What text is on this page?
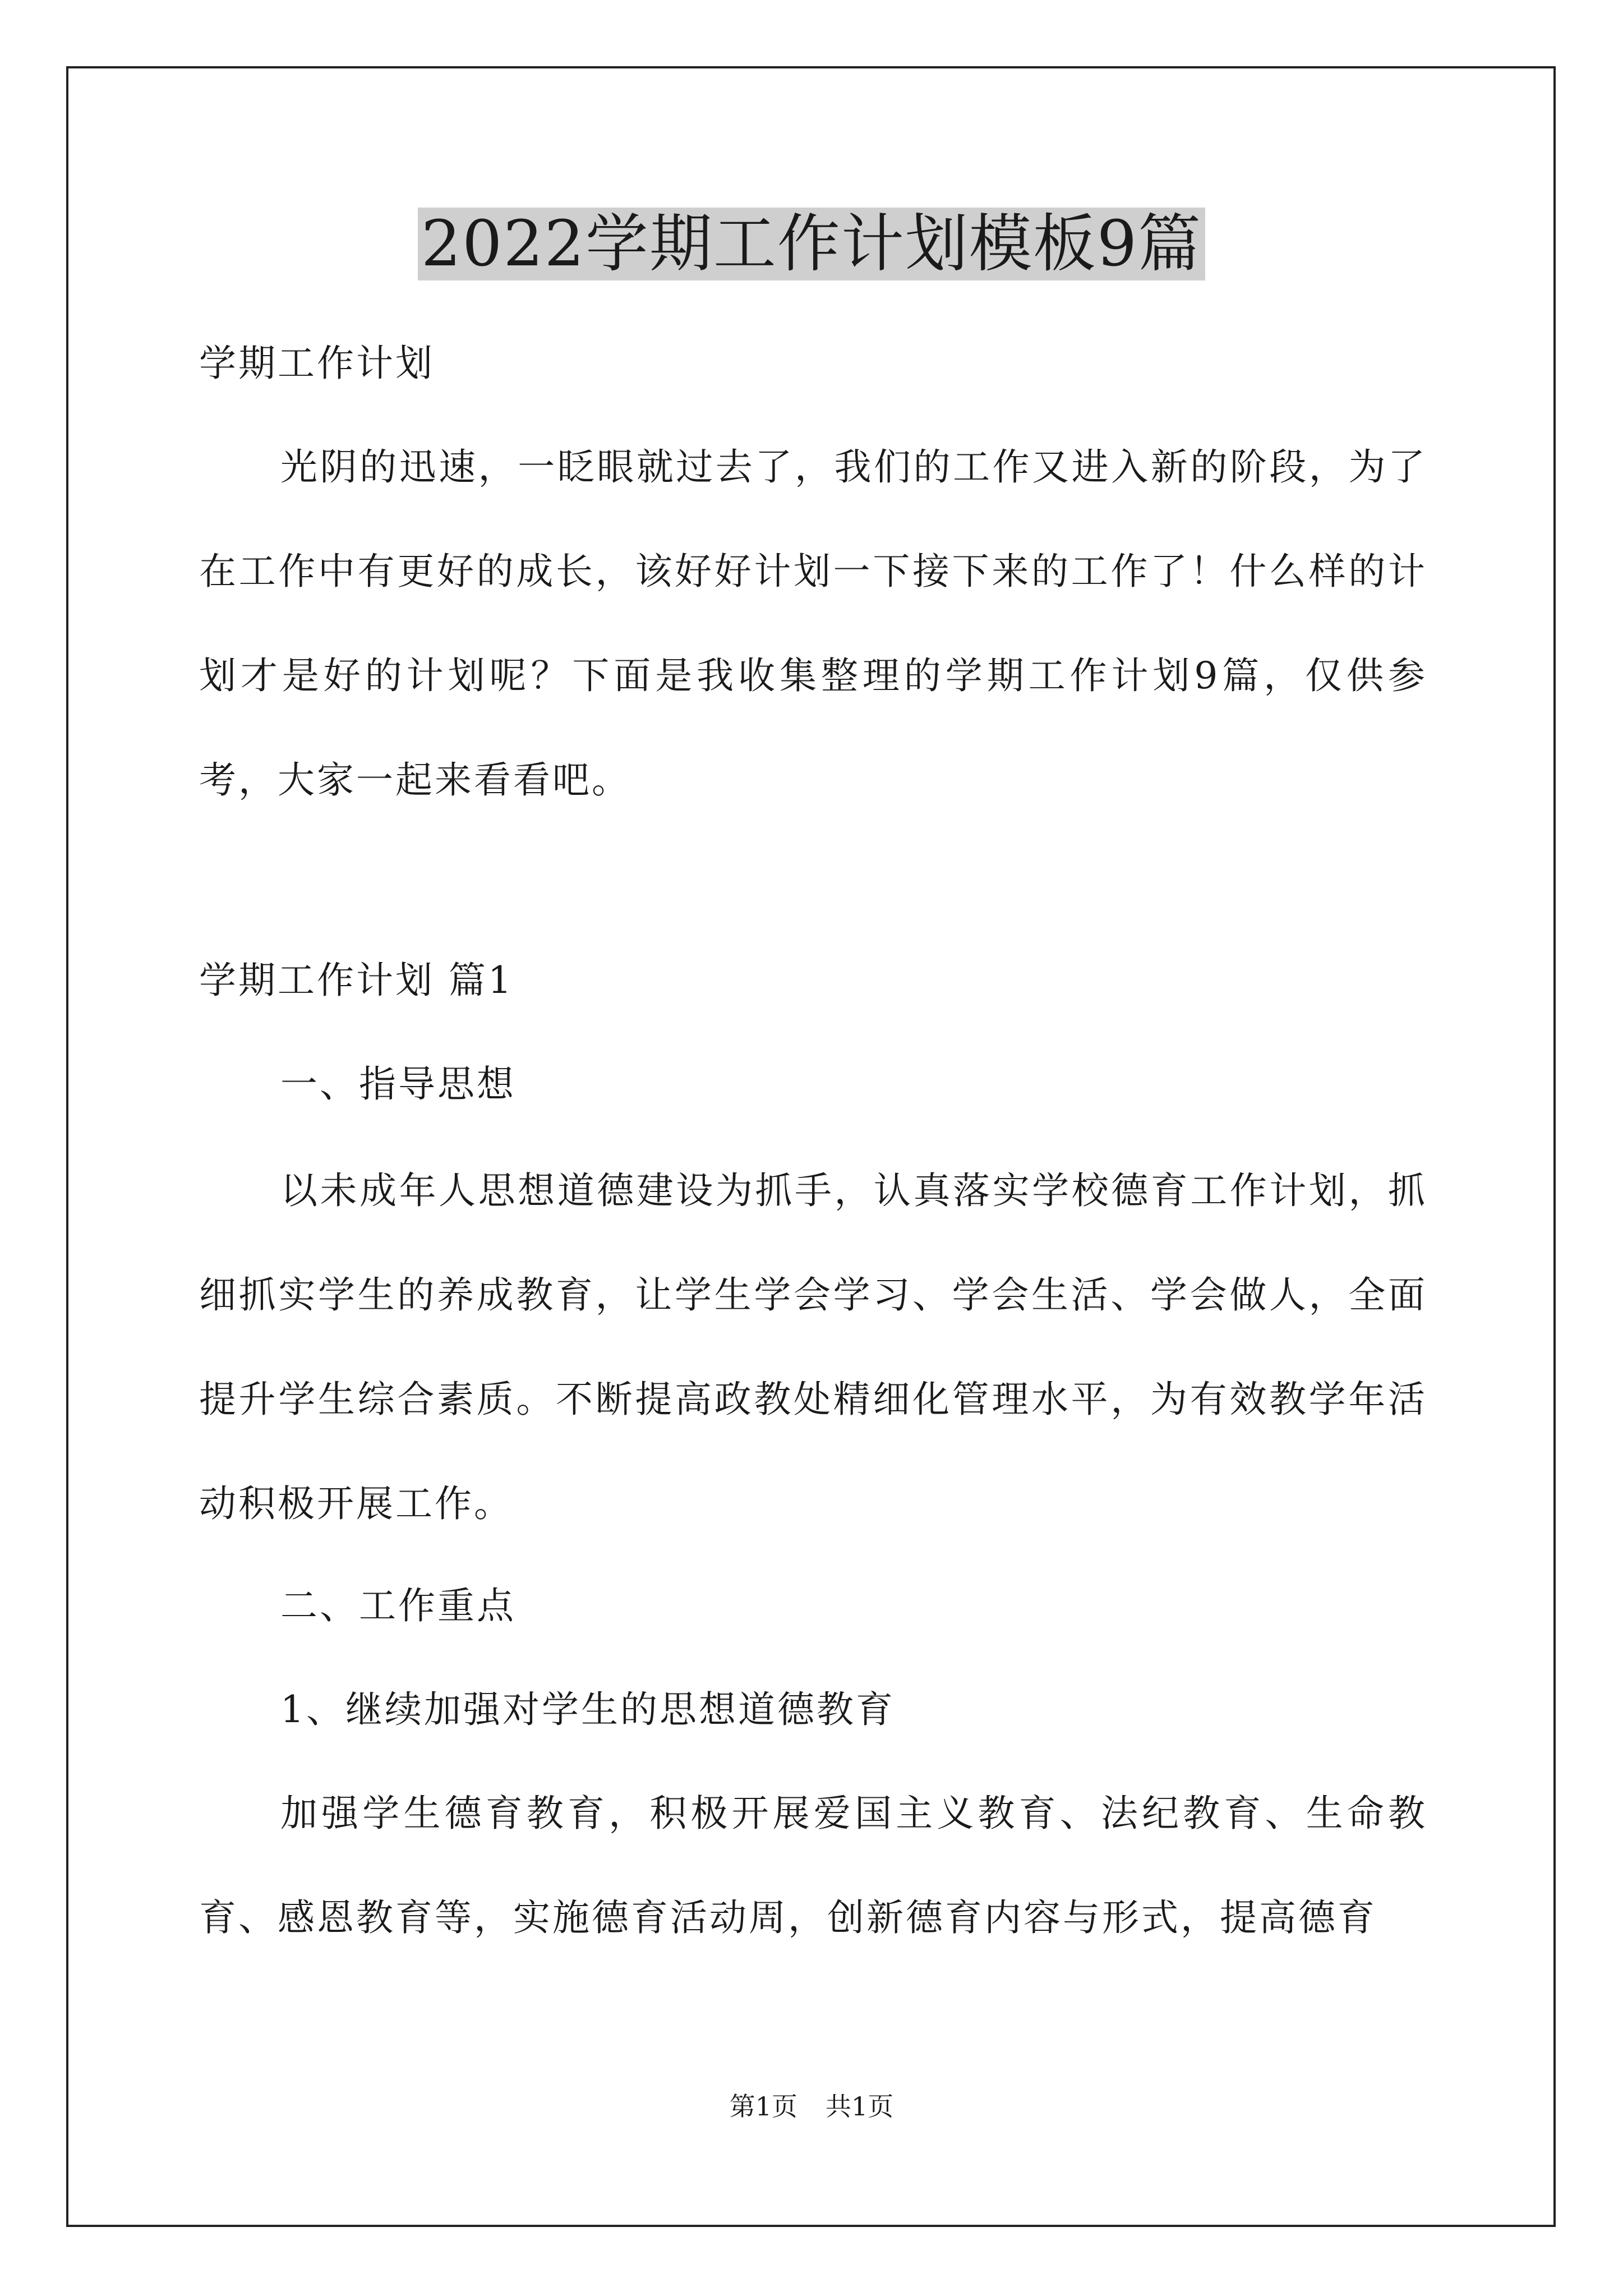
2022学期工作计划模板9篇

学期工作计划

光阴的迅速，一眨眼就过去了，我们的工作又进入新的阶段，为了在工作中有更好的成长，该好好计划一下接下来的工作了！什么样的计划才是好的计划呢？下面是我收集整理的学期工作计划9篇，仅供参考，大家一起来看看吧。

学期工作计划 篇1

一、指导思想

以未成年人思想道德建设为抓手，认真落实学校德育工作计划，抓细抓实学生的养成教育，让学生学会学习、学会生活、学会做人，全面提升学生综合素质。不断提高政教处精细化管理水平，为有效教学年活动积极开展工作。

二、工作重点

1、继续加强对学生的思想道德教育

加强学生德育教育，积极开展爱国主义教育、法纪教育、生命教育、感恩教育等，实施德育活动周，创新德育内容与形式，提高德育

第1页 共1页
